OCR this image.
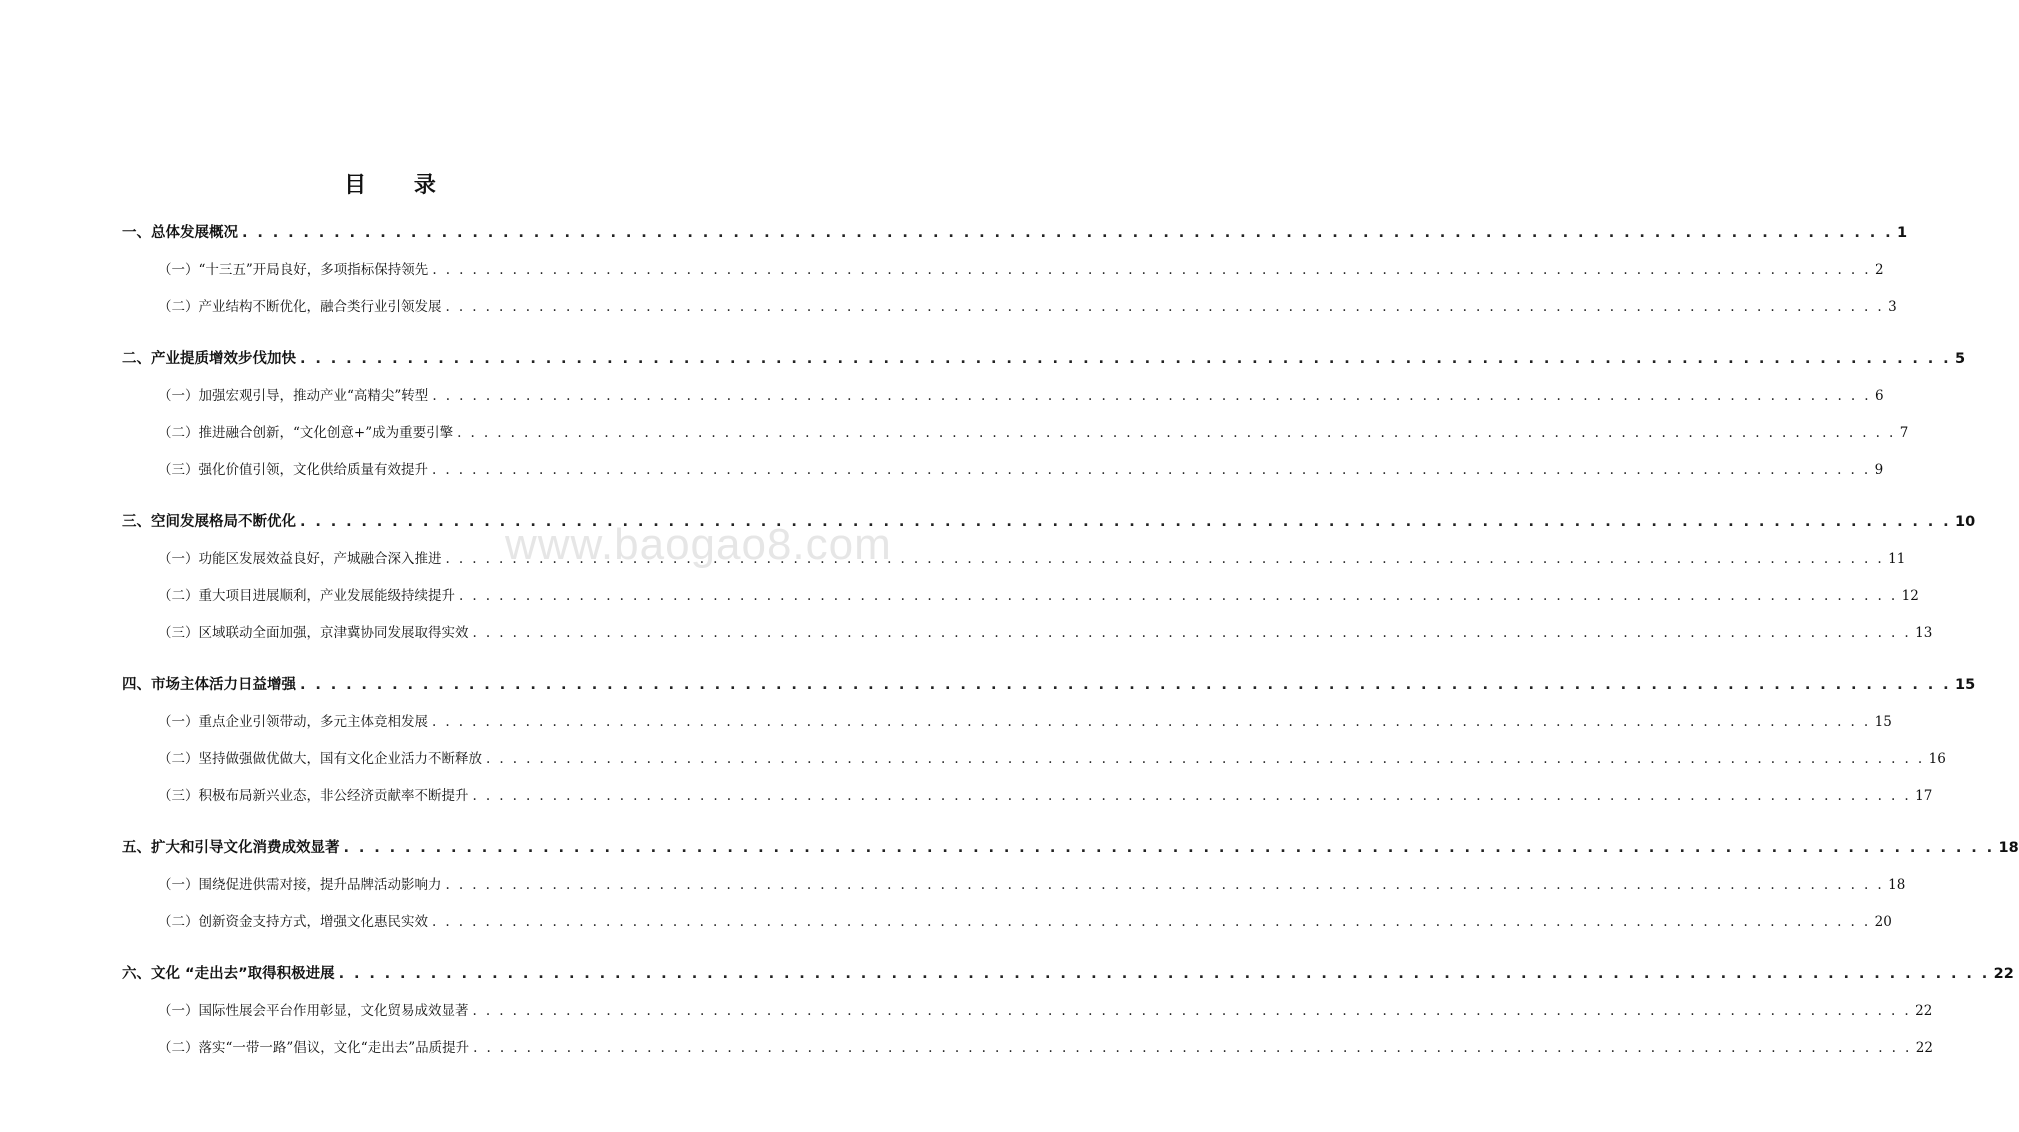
目 录
www.baogao8.com
一、总体发展概况 . . .	1
（一）“十三五”开局良好，多项指标保持领先 . . .	2
（二）产业结构不断优化，融合类行业引领发展 . . .	3
二、产业提质增效步伐加快 . . .	5
（一）加强宏观引导，推动产业“高精尖”转型 . . .	6
（二）推进融合创新，“文化创意+”成为重要引擎 . . .	7
（三）强化价值引领，文化供给质量有效提升 . . .	9
三、空间发展格局不断优化 . . .	10
（一）功能区发展效益良好，产城融合深入推进 . . .	11
（二）重大项目进展顺利，产业发展能级持续提升 . . .	12
（三）区域联动全面加强，京津冀协同发展取得实效 . . .	13
四、市场主体活力日益增强 . . .	15
（一）重点企业引领带动，多元主体竞相发展 . . .	15
（二）坚持做强做优做大，国有文化企业活力不断释放 . . .	16
（三）积极布局新兴业态，非公经济贡献率不断提升 . . .	17
五、扩大和引导文化消费成效显著 . . .	18
（一）围绕促进供需对接，提升品牌活动影响力 . . .	18
（二）创新资金支持方式，增强文化惠民实效 . . .	20
六、文化 “走出去”取得积极进展 . . .	22
（一）国际性展会平台作用彰显，文化贸易成效显著 . . .	22
（二）落实“一带一路”倡议，文化“走出去”品质提升 . . .	22
